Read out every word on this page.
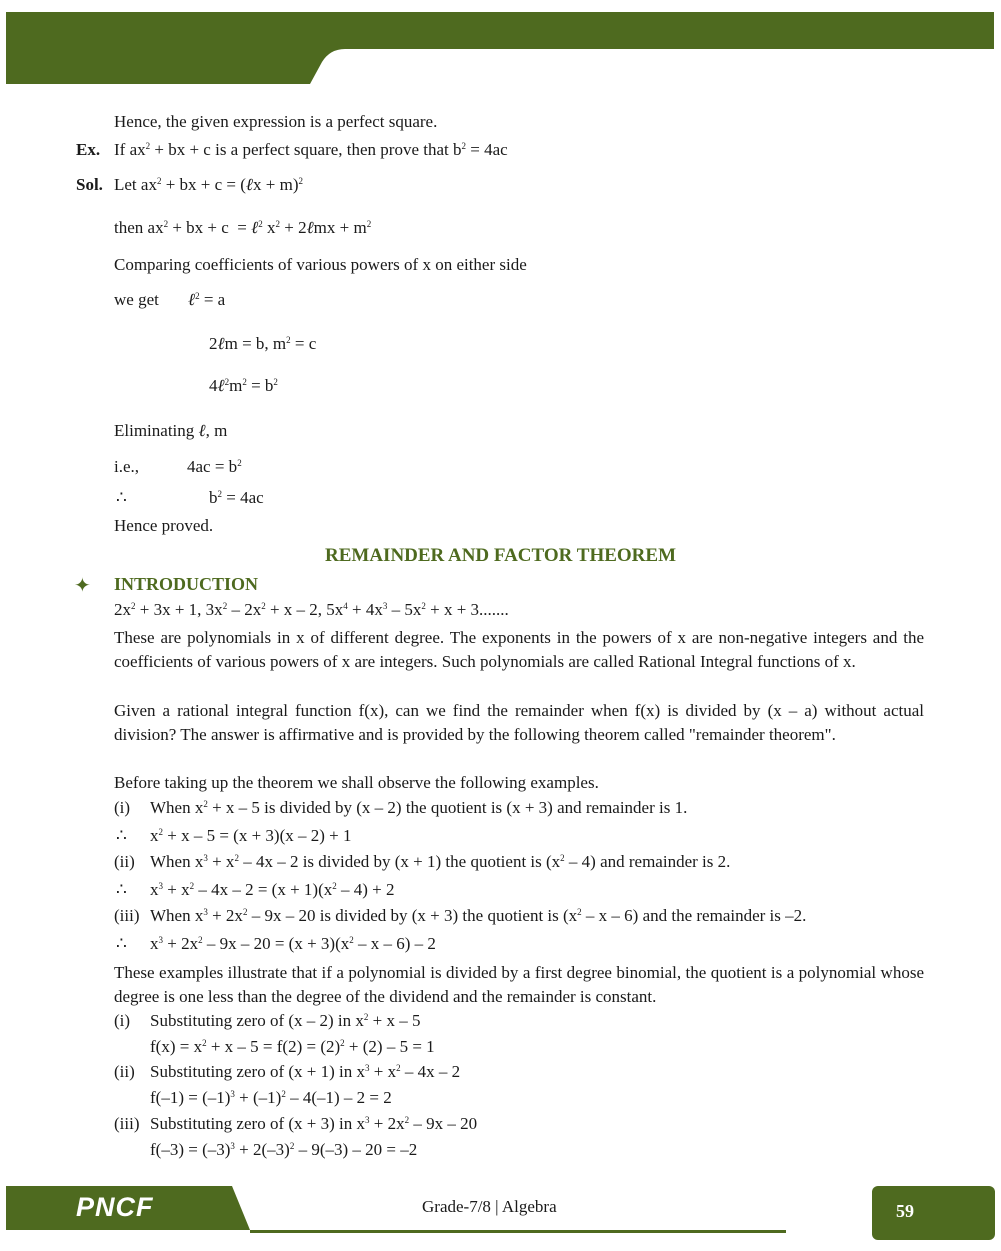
Hence, the given expression is a perfect square.
Ex. If $ax^2$ + bx + c is a perfect square, then prove that $b^2 = 4ac$
Sol. Let $ax^2$ + bx + c = (ℓx + m)$^2$
then $ax^2$ + bx + c  = ℓ$^2$ $x^2$ + 2ℓmx + $m^2$
Comparing coefficients of various powers of x on either side
we get ℓ$^2$ = a
2ℓm = b, $m^2 = c$
$4\ell^2m^2 = b^2$
Eliminating ℓ, m
i.e.,	$4ac = b^2$
∴	$b^2 = 4ac$
Hence proved.
REMAINDER AND FACTOR THEOREM
✦ INTRODUCTION
$2x^2 + 3x + 1$, $3x^2 - 2x^2 + x - 2$, $5x^4 + 4x^3 - 5x^2 + x + 3$.......
These are polynomials in x of different degree. The exponents in the powers of x are non-negative integers and the coefficients of various powers of x are integers. Such polynomials are called Rational Integral functions of x.
Given a rational integral function f(x), can we find the remainder when f(x) is divided by (x – a) without actual division? The answer is affirmative and is provided by the following theorem called "remainder theorem".
Before taking up the theorem we shall observe the following examples.
(i) When $x^2 + x - 5$ is divided by (x – 2) the quotient is (x + 3) and remainder is 1.
∴ $x^2 + x - 5 = (x + 3)(x - 2) + 1$
(ii) When $x^3 + x^2 - 4x - 2$ is divided by (x + 1) the quotient is $(x^2 - 4)$ and remainder is 2.
∴ $x^3 + x^2 - 4x - 2 = (x + 1)(x^2 - 4) + 2$
(iii) When $x^3 + 2x^2 - 9x - 20$ is divided by (x + 3) the quotient is ($x^2$ – x – 6) and the remainder is –2.
∴ $x^3 + 2x^2 - 9x - 20 = (x + 3)(x^2 - x - 6) - 2$
These examples illustrate that if a polynomial is divided by a first degree binomial, the quotient is a polynomial whose degree is one less than the degree of the dividend and the remainder is constant.
(i) Substituting zero of (x – 2) in $x^2 + x - 5$
$f(x) = x^2 + x - 5 = f(2) = (2)^2 + (2) - 5 = 1$
(ii) Substituting zero of (x + 1) in $x^3 + x^2 - 4x - 2$
$f(-1) = (-1)^3 + (-1)^2 - 4(-1) - 2 = 2$
(iii) Substituting zero of (x + 3) in $x^3 + 2x^2 - 9x - 20$
$f(-3) = (-3)^3 + 2(-3)^2 - 9(-3) - 20 = -2$
PNCF	Grade-7/8 | Algebra	59
